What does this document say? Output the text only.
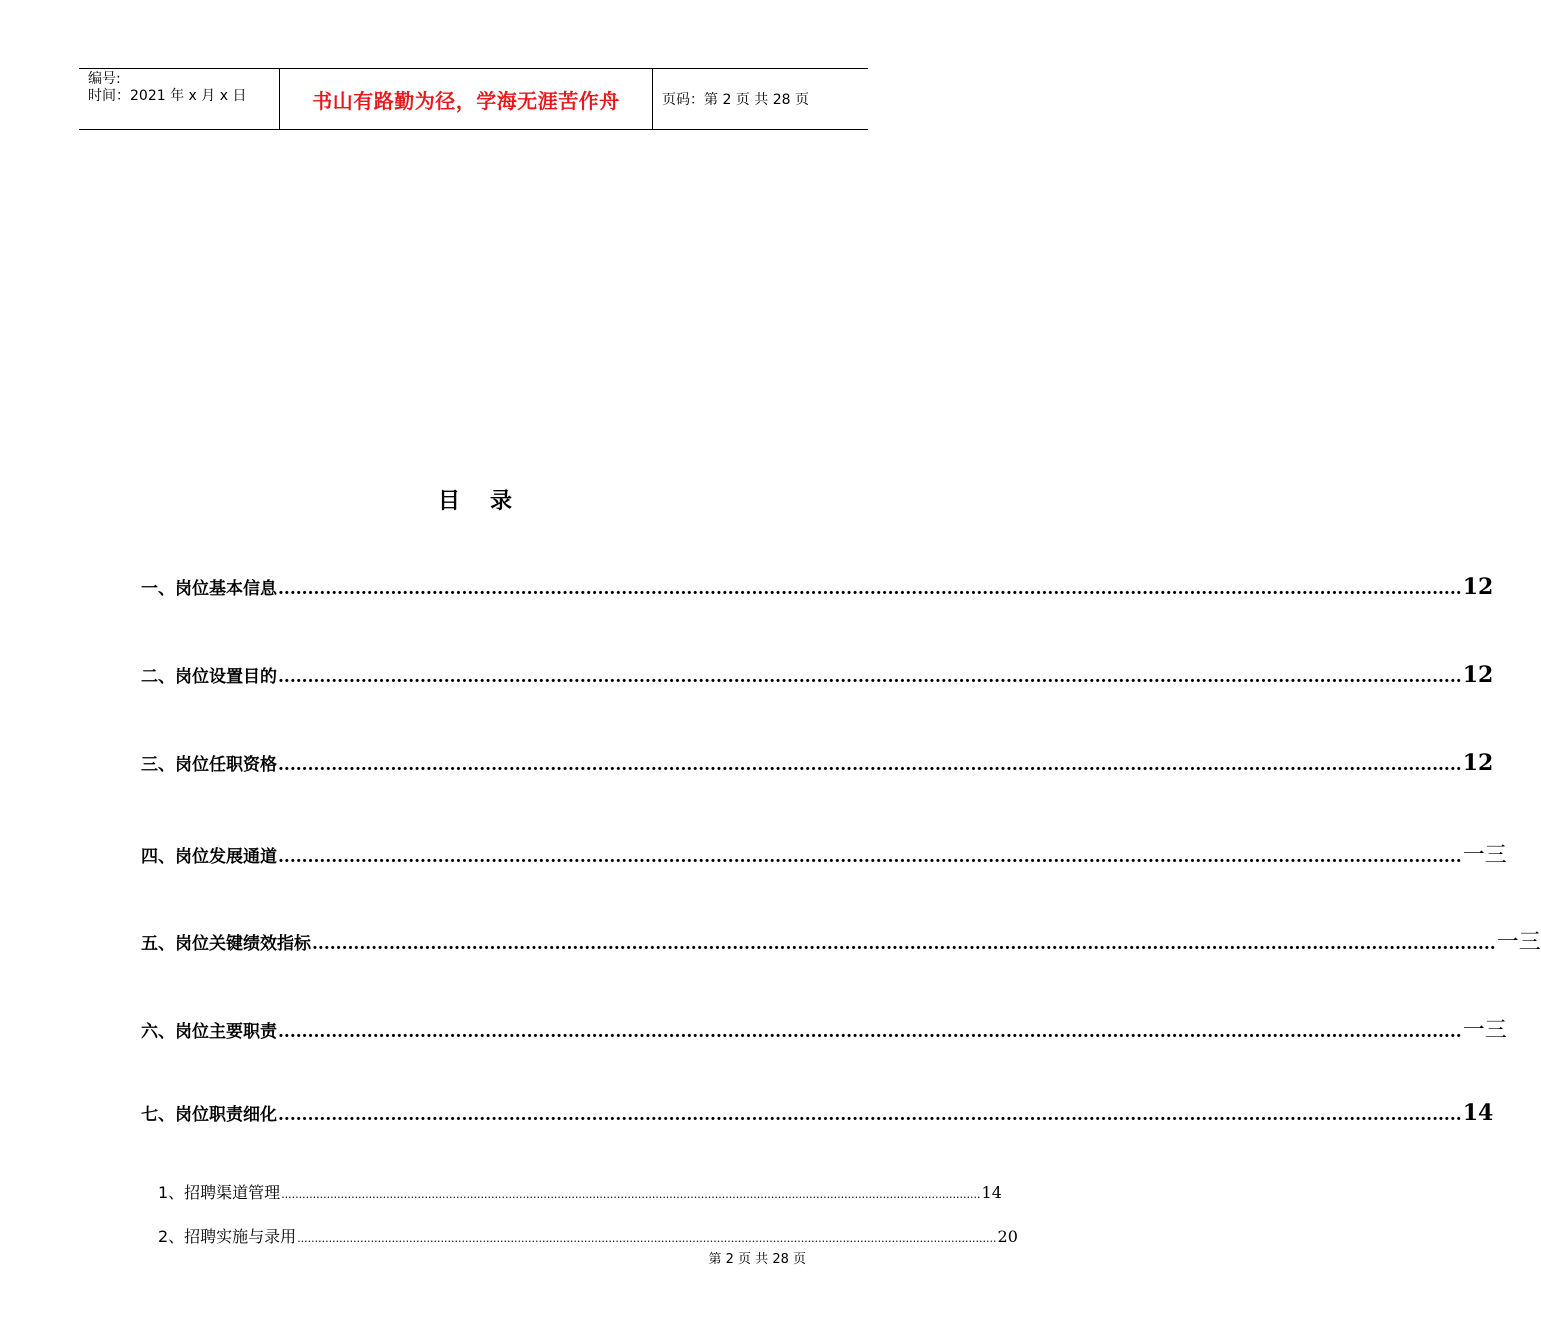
编号:
时间：2021 年 x 月 x 日	书山有路勤为径，学海无涯苦作舟	页码：第 2 页 共 28 页
目 录
一、岗位基本信息 ........................................................................................................................................................................................................ 12
二、岗位设置目的 ........................................................................................................................................................................................................ 12
三、岗位任职资格 ........................................................................................................................................................................................................ 12
四、岗位发展通道 ........................................................................................................................................................................................................ 一三
五、岗位关键绩效指标 ........................................................................................................................................................................................................ 一三
六、岗位主要职责 ........................................................................................................................................................................................................ 一三
七、岗位职责细化 ........................................................................................................................................................................................................ 14
1、招聘渠道管理 ........................................................................................................................................................................................................ 14
2、招聘实施与录用 ........................................................................................................................................................................................................ 20
第 2 页 共 28 页
